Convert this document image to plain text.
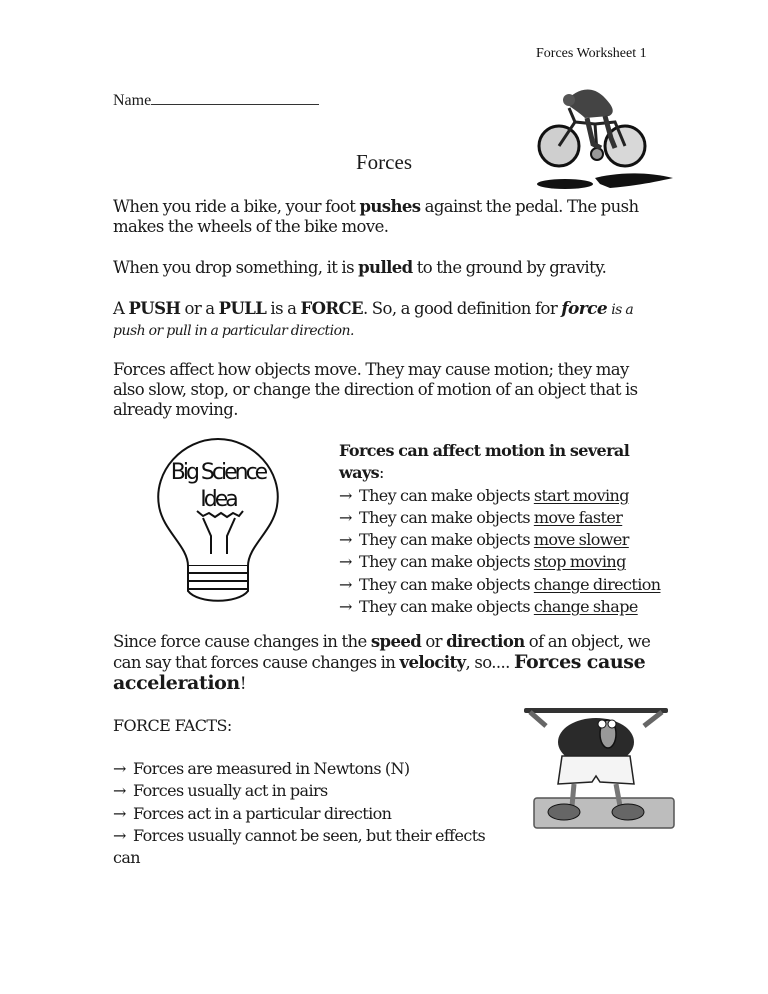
Forces Worksheet 1
Name
Forces
When you ride a bike, your foot pushes against the pedal. The push makes the wheels of the bike move.
When you drop something, it is pulled to the ground by gravity.
A PUSH or a PULL is a FORCE. So, a good definition for force is a push or pull in a particular direction.
Forces affect how objects move. They may cause motion; they may also slow, stop, or change the direction of motion of an object that is already moving.
Big Science
Idea
Forces can affect motion in several ways:
→ They can make objects start moving
→ They can make objects move faster
→ They can make objects move slower
→ They can make objects stop moving
→ They can make objects change direction
→ They can make objects change shape
Since force cause changes in the speed or direction of an object, we can say that forces cause changes in velocity, so.... Forces cause acceleration!
FORCE FACTS:
→ Forces are measured in Newtons (N)
→ Forces usually act in pairs
→ Forces act in a particular direction
→ Forces usually cannot be seen, but their effects can
